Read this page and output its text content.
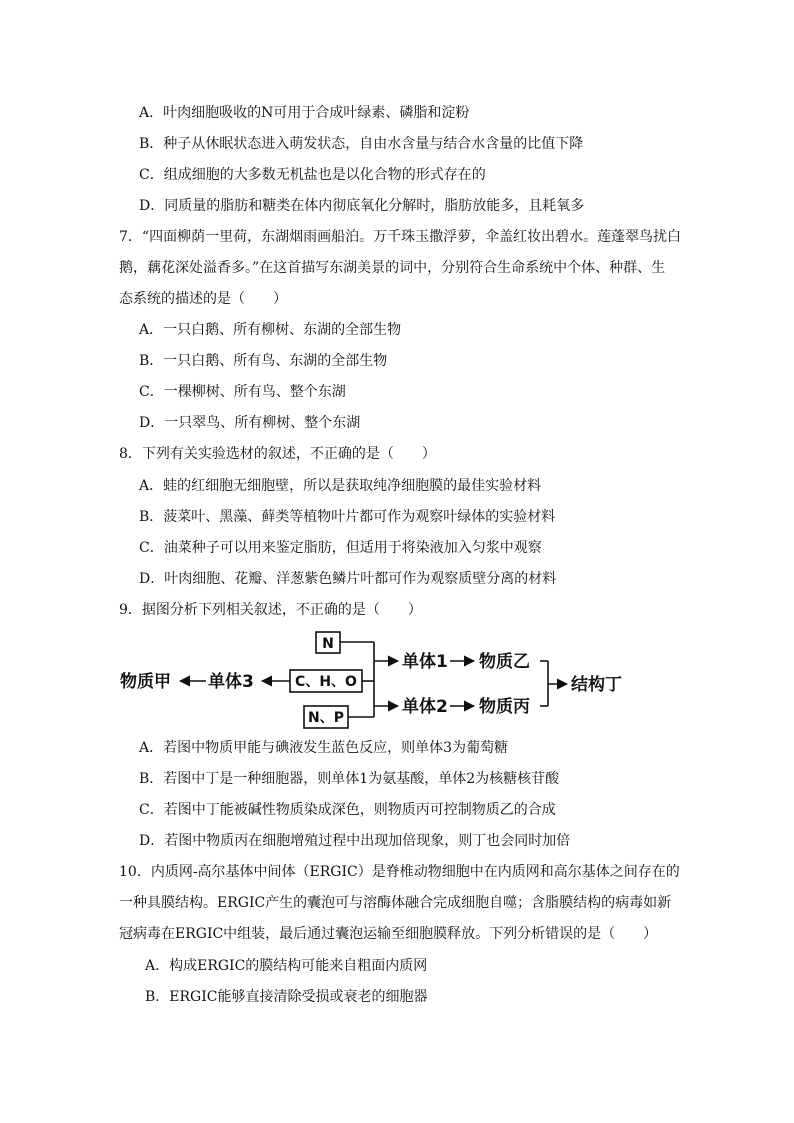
A．叶肉细胞吸收的N可用于合成叶绿素、磷脂和淀粉
B．种子从休眠状态进入萌发状态，自由水含量与结合水含量的比值下降
C．组成细胞的大多数无机盐也是以化合物的形式存在的
D．同质量的脂肪和糖类在体内彻底氧化分解时，脂肪放能多，且耗氧多
7．“四面柳荫一里荷，东湖烟雨画船泊。万千珠玉撒浮萝，伞盖红妆出碧水。莲蓬翠鸟扰白
鹅，藕花深处溢香多。”在这首描写东湖美景的词中，分别符合生命系统中个体、种群、生
态系统的描述的是（　　）
A．一只白鹅、所有柳树、东湖的全部生物
B．一只白鹅、所有鸟、东湖的全部生物
C．一棵柳树、所有鸟、整个东湖
D．一只翠鸟、所有柳树、整个东湖
8．下列有关实验选材的叙述，不正确的是（　　）
A．蛙的红细胞无细胞壁，所以是获取纯净细胞膜的最佳实验材料
B．菠菜叶、黑藻、藓类等植物叶片都可作为观察叶绿体的实验材料
C．油菜种子可以用来鉴定脂肪，但适用于将染液加入匀浆中观察
D．叶肉细胞、花瓣、洋葱紫色鳞片叶都可作为观察质壁分离的材料
9．据图分析下列相关叙述，不正确的是（　　）
N
C、H、O
N、P
单体1
单体2
物质乙
物质丙
结构丁
单体3
物质甲
A．若图中物质甲能与碘液发生蓝色反应，则单体3为葡萄糖
B．若图中丁是一种细胞器，则单体1为氨基酸，单体2为核糖核苷酸
C．若图中丁能被碱性物质染成深色，则物质丙可控制物质乙的合成
D．若图中物质丙在细胞增殖过程中出现加倍现象，则丁也会同时加倍
10．内质网-高尔基体中间体（ERGIC）是脊椎动物细胞中在内质网和高尔基体之间存在的
一种具膜结构。ERGIC产生的囊泡可与溶酶体融合完成细胞自噬；含脂膜结构的病毒如新
冠病毒在ERGIC中组装，最后通过囊泡运输至细胞膜释放。下列分析错误的是（　　）
A．构成ERGIC的膜结构可能来自粗面内质网
B．ERGIC能够直接清除受损或衰老的细胞器
